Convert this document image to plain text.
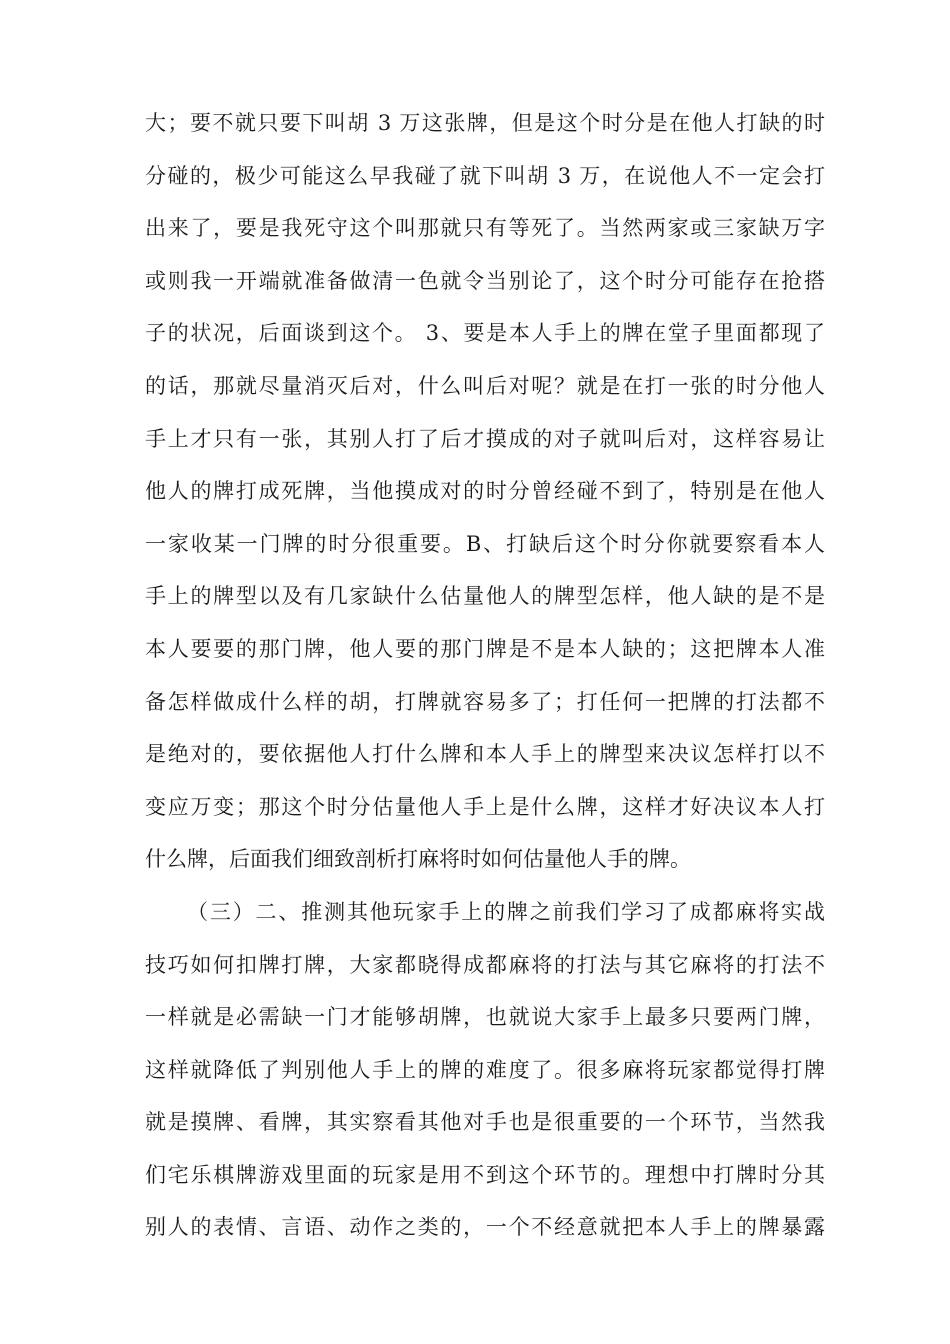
大；要不就只要下叫胡 3 万这张牌，但是这个时分是在他人打缺的时
分碰的，极少可能这么早我碰了就下叫胡 3 万，在说他人不一定会打
出来了，要是我死守这个叫那就只有等死了。当然两家或三家缺万字
或则我一开端就准备做清一色就令当别论了，这个时分可能存在抢搭
子的状况，后面谈到这个。 3、要是本人手上的牌在堂子里面都现了
的话，那就尽量消灭后对，什么叫后对呢？就是在打一张的时分他人
手上才只有一张，其别人打了后才摸成的对子就叫后对，这样容易让
他人的牌打成死牌，当他摸成对的时分曾经碰不到了，特别是在他人
一家收某一门牌的时分很重要。B、打缺后这个时分你就要察看本人
手上的牌型以及有几家缺什么估量他人的牌型怎样，他人缺的是不是
本人要要的那门牌，他人要的那门牌是不是本人缺的；这把牌本人准
备怎样做成什么样的胡，打牌就容易多了；打任何一把牌的打法都不
是绝对的，要依据他人打什么牌和本人手上的牌型来决议怎样打以不
变应万变；那这个时分估量他人手上是什么牌，这样才好决议本人打
什么牌，后面我们细致剖析打麻将时如何估量他人手的牌。
（三）二、推测其他玩家手上的牌之前我们学习了成都麻将实战
技巧如何扣牌打牌，大家都晓得成都麻将的打法与其它麻将的打法不
一样就是必需缺一门才能够胡牌，也就说大家手上最多只要两门牌，
这样就降低了判别他人手上的牌的难度了。很多麻将玩家都觉得打牌
就是摸牌、看牌，其实察看其他对手也是很重要的一个环节，当然我
们宅乐棋牌游戏里面的玩家是用不到这个环节的。理想中打牌时分其
别人的表情、言语、动作之类的，一个不经意就把本人手上的牌暴露
